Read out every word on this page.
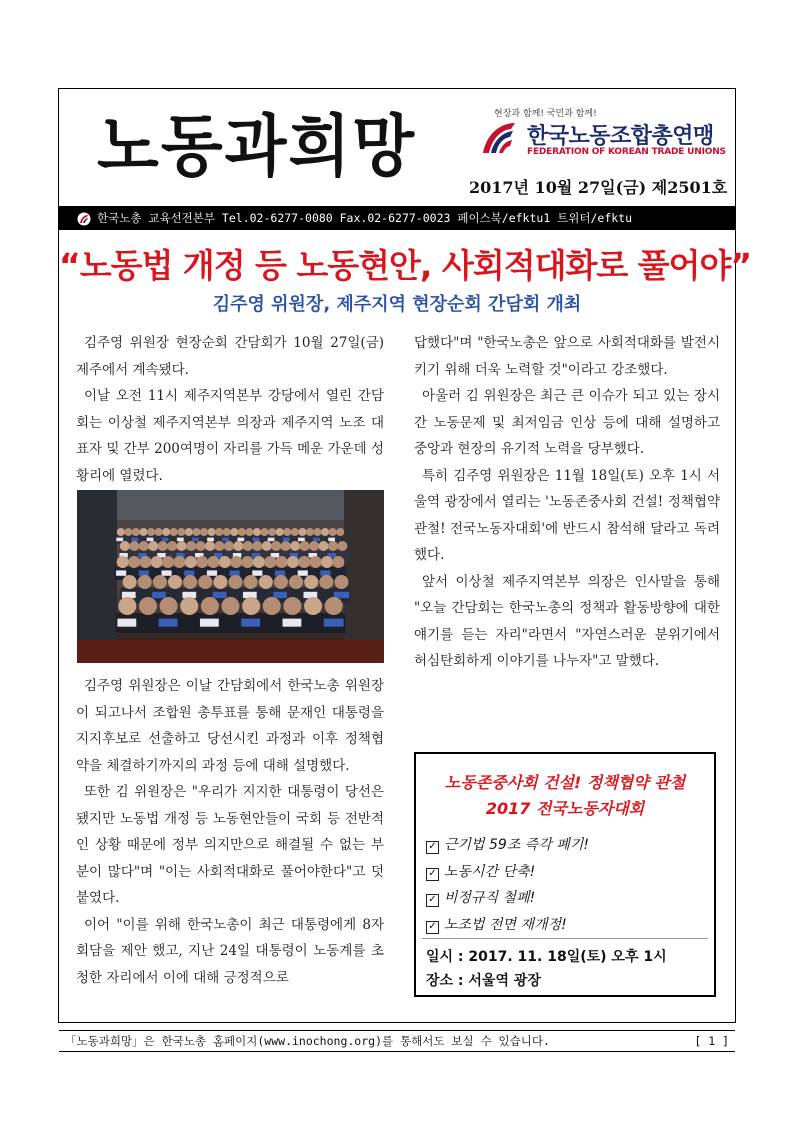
노동과희망	현장과 함께! 국민과 함께!
한국노동조합총연맹
FEDERATION OF KOREAN TRADE UNIONS
2017년 10월 27일(금) 제2501호
한국노총 교육선전본부 Tel.02-6277-0080 Fax.02-6277-0023 페이스북/efktu1 트위터/efktu
“노동법 개정 등 노동현안, 사회적대화로 풀어야”
김주영 위원장, 제주지역 현장순회 간담회 개최

김주영 위원장 현장순회 간담회가 10월 27일(금) 제주에서 계속됐다.

이날 오전 11시 제주지역본부 강당에서 열린 간담회는 이상철 제주지역본부 의장과 제주지역 노조 대표자 및 간부 200여명이 자리를 가득 메운 가운데 성황리에 열렸다.

김주영 위원장은 이날 간담회에서 한국노총 위원장이 되고나서 조합원 총투표를 통해 문재인 대통령을 지지후보로 선출하고 당선시킨 과정과 이후 정책협약을 체결하기까지의 과정 등에 대해 설명했다.

또한 김 위원장은 "우리가 지지한 대통령이 당선은 됐지만 노동법 개정 등 노동현안들이 국회 등 전반적인 상황 때문에 정부 의지만으로 해결될 수 없는 부분이 많다"며 "이는 사회적대화로 풀어야한다"고 덧붙였다.

이어 "이를 위해 한국노총이 최근 대통령에게 8자회담을 제안 했고, 지난 24일 대통령이 노동계를 초청한 자리에서 이에 대해 긍정적으로

답했다"며 "한국노총은 앞으로 사회적대화를 발전시키기 위해 더욱 노력할 것"이라고 강조했다.

아울러 김 위원장은 최근 큰 이슈가 되고 있는 장시간 노동문제 및 최저임금 인상 등에 대해 설명하고 중앙과 현장의 유기적 노력을 당부했다.

특히 김주영 위원장은 11월 18일(토) 오후 1시 서울역 광장에서 열리는 '노동존중사회 건설! 정책협약 관철! 전국노동자대회'에 반드시 참석해 달라고 독려했다.

앞서 이상철 제주지역본부 의장은 인사말을 통해 "오늘 간담회는 한국노총의 정책과 활동방향에 대한 얘기를 듣는 자리"라면서 "자연스러운 분위기에서 허심탄회하게 이야기를 나누자"고 말했다.

노동존중사회 건설! 정책협약 관철
2017 전국노동자대회
✓ 근기법 59조 즉각 폐기!
✓ 노동시간 단축!
✓ 비정규직 철폐!
✓ 노조법 전면 재개정!
일시 : 2017. 11. 18일(토) 오후 1시
장소 : 서울역 광장
「노동과희망」은 한국노총 홈페이지(www.inochong.org)를 통해서도 보실 수 있습니다.	[ 1 ]
